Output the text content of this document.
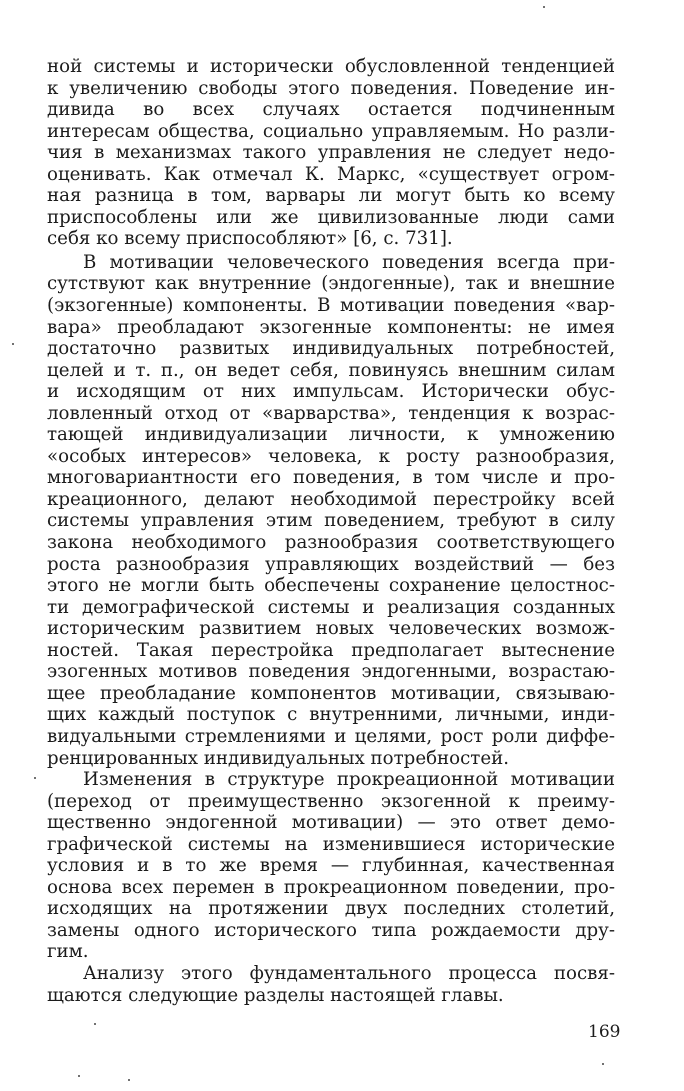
ной системы и исторически обусловленной тенденцией
к увеличению свободы этого поведения. Поведение ин-
дивида во всех случаях остается подчиненным
интересам общества, социально управляемым. Но разли-
чия в механизмах такого управления не следует недо-
оценивать. Как отмечал К. Маркс, «существует огром-
ная разница в том, варвары ли могут быть ко всему
приспособлены или же цивилизованные люди сами
себя ко всему приспособляют» [6, с. 731].
В мотивации человеческого поведения всегда при-
сутствуют как внутренние (эндогенные), так и внешние
(экзогенные) компоненты. В мотивации поведения «вар-
вара» преобладают экзогенные компоненты: не имея
достаточно развитых индивидуальных потребностей,
целей и т. п., он ведет себя, повинуясь внешним силам
и исходящим от них импульсам. Исторически обус-
ловленный отход от «варварства», тенденция к возрас-
тающей индивидуализации личности, к умножению
«особых интересов» человека, к росту разнообразия,
многовариантности его поведения, в том числе и про-
креационного, делают необходимой перестройку всей
системы управления этим поведением, требуют в силу
закона необходимого разнообразия соответствующего
роста разнообразия управляющих воздействий — без
этого не могли быть обеспечены сохранение целостнос-
ти демографической системы и реализация созданных
историческим развитием новых человеческих возмож-
ностей. Такая перестройка предполагает вытеснение
эзогенных мотивов поведения эндогенными, возрастаю-
щее преобладание компонентов мотивации, связываю-
щих каждый поступок с внутренними, личными, инди-
видуальными стремлениями и целями, рост роли диффе-
ренцированных индивидуальных потребностей.
Изменения в структуре прокреационной мотивации
(переход от преимущественно экзогенной к преиму-
щественно эндогенной мотивации) — это ответ демо-
графической системы на изменившиеся исторические
условия и в то же время — глубинная, качественная
основа всех перемен в прокреационном поведении, про-
исходящих на протяжении двух последних столетий,
замены одного исторического типа рождаемости дру-
гим.
Анализу этого фундаментального процесса посвя-
щаются следующие разделы настоящей главы.
169
